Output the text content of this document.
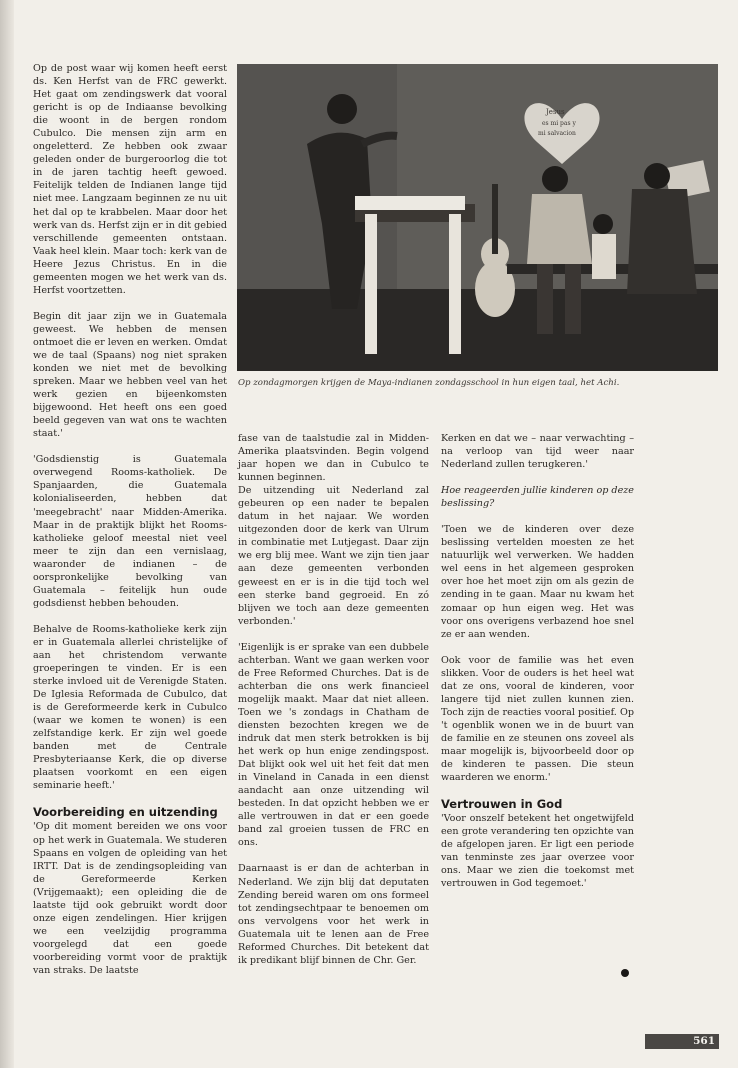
Op de post waar wij komen heeft eerst ds. Ken Herfst van de FRC gewerkt. Het gaat om zendingswerk dat vooral gericht is op de Indiaanse bevolking die woont in de bergen rondom Cubulco. Die mensen zijn arm en ongeletterd. Ze hebben ook zwaar geleden onder de burgeroorlog die tot in de jaren tachtig heeft gewoed. Feitelijk telden de Indianen lange tijd niet mee. Langzaam beginnen ze nu uit het dal op te krabbelen. Maar door het werk van ds. Herfst zijn er in dit gebied verschillende gemeenten ontstaan. Vaak heel klein. Maar toch: kerk van de Heere Jezus Christus. En in die gemeenten mogen we het werk van ds. Herfst voortzetten.

Begin dit jaar zijn we in Guatemala geweest. We hebben de mensen ontmoet die er leven en werken. Omdat we de taal (Spaans) nog niet spraken konden we niet met de bevolking spreken. Maar we hebben veel van het werk gezien en bijeenkomsten bijgewoond. Het heeft ons een goed beeld gegeven van wat ons te wachten staat.'

'Godsdienstig is Guatemala overwegend Rooms-katholiek. De Spanjaarden, die Guatemala kolonialiseerden, hebben dat 'meegebracht' naar Midden-Amerika. Maar in de praktijk blijkt het Rooms-katholieke geloof meestal niet veel meer te zijn dan een vernislaag, waaronder de indianen – de oorspronkelijke bevolking van Guatemala – feitelijk hun oude godsdienst hebben behouden.

Behalve de Rooms-katholieke kerk zijn er in Guatemala allerlei christelijke of aan het christendom verwante groeperingen te vinden. Er is een sterke invloed uit de Verenigde Staten. De Iglesia Reformada de Cubulco, dat is de Gereformeerde kerk in Cubulco (waar we komen te wonen) is een zelfstandige kerk. Er zijn wel goede banden met de Centrale Presbyteriaanse Kerk, die op diverse plaatsen voorkomt en een eigen seminarie heeft.'

Voorbereiding en uitzending

'Op dit moment bereiden we ons voor op het werk in Guatemala. We studeren Spaans en volgen de opleiding van het IRTT. Dat is de zendingsopleiding van de Gereformeerde Kerken (Vrijgemaakt); een opleiding die de laatste tijd ook gebruikt wordt door onze eigen zendelingen. Hier krijgen we een veelzijdig programma voorgelegd dat een goede voorbereiding vormt voor de praktijk van straks. De laatste

Jesus
es mi pas y
mi salvacion
Op zondagmorgen krijgen de Maya-indianen zondagsschool in hun eigen taal, het Achi.

fase van de taalstudie zal in Midden-Amerika plaatsvinden. Begin volgend jaar hopen we dan in Cubulco te kunnen beginnen.

De uitzending uit Nederland zal gebeuren op een nader te bepalen datum in het najaar. We worden uitgezonden door de kerk van Ulrum in combinatie met Lutjegast. Daar zijn we erg blij mee. Want we zijn tien jaar aan deze gemeenten verbonden geweest en er is in die tijd toch wel een sterke band gegroeid. En zó blijven we toch aan deze gemeenten verbonden.'

'Eigenlijk is er sprake van een dubbele achterban. Want we gaan werken voor de Free Reformed Churches. Dat is de achterban die ons werk financieel mogelijk maakt. Maar dat niet alleen. Toen we 's zondags in Chatham de diensten bezochten kregen we de indruk dat men sterk betrokken is bij het werk op hun enige zendingspost. Dat blijkt ook wel uit het feit dat men in Vineland in Canada in een dienst aandacht aan onze uitzending wil besteden. In dat opzicht hebben we er alle vertrouwen in dat er een goede band zal groeien tussen de FRC en ons.

Daarnaast is er dan de achterban in Nederland. We zijn blij dat deputaten Zending bereid waren om ons formeel tot zendingsechtpaar te benoemen om ons vervolgens voor het werk in Guatemala uit te lenen aan de Free Reformed Churches. Dit betekent dat ik predikant blijf binnen de Chr. Ger.

Kerken en dat we – naar verwachting – na verloop van tijd weer naar Nederland zullen terugkeren.'

Hoe reageerden jullie kinderen op deze beslissing?

'Toen we de kinderen over deze beslissing vertelden moesten ze het natuurlijk wel verwerken. We hadden wel eens in het algemeen gesproken over hoe het moet zijn om als gezin de zending in te gaan. Maar nu kwam het zomaar op hun eigen weg. Het was voor ons overigens verbazend hoe snel ze er aan wenden.

Ook voor de familie was het even slikken. Voor de ouders is het heel wat dat ze ons, vooral de kinderen, voor langere tijd niet zullen kunnen zien. Toch zijn de reacties vooral positief. Op 't ogenblik wonen we in de buurt van de familie en ze steunen ons zoveel als maar mogelijk is, bijvoorbeeld door op de kinderen te passen. Die steun waarderen we enorm.'

Vertrouwen in God

'Voor onszelf betekent het ongetwijfeld een grote verandering ten opzichte van de afgelopen jaren. Er ligt een periode van tenminste zes jaar overzee voor ons. Maar we zien die toekomst met vertrouwen in God tegemoet.'

561
